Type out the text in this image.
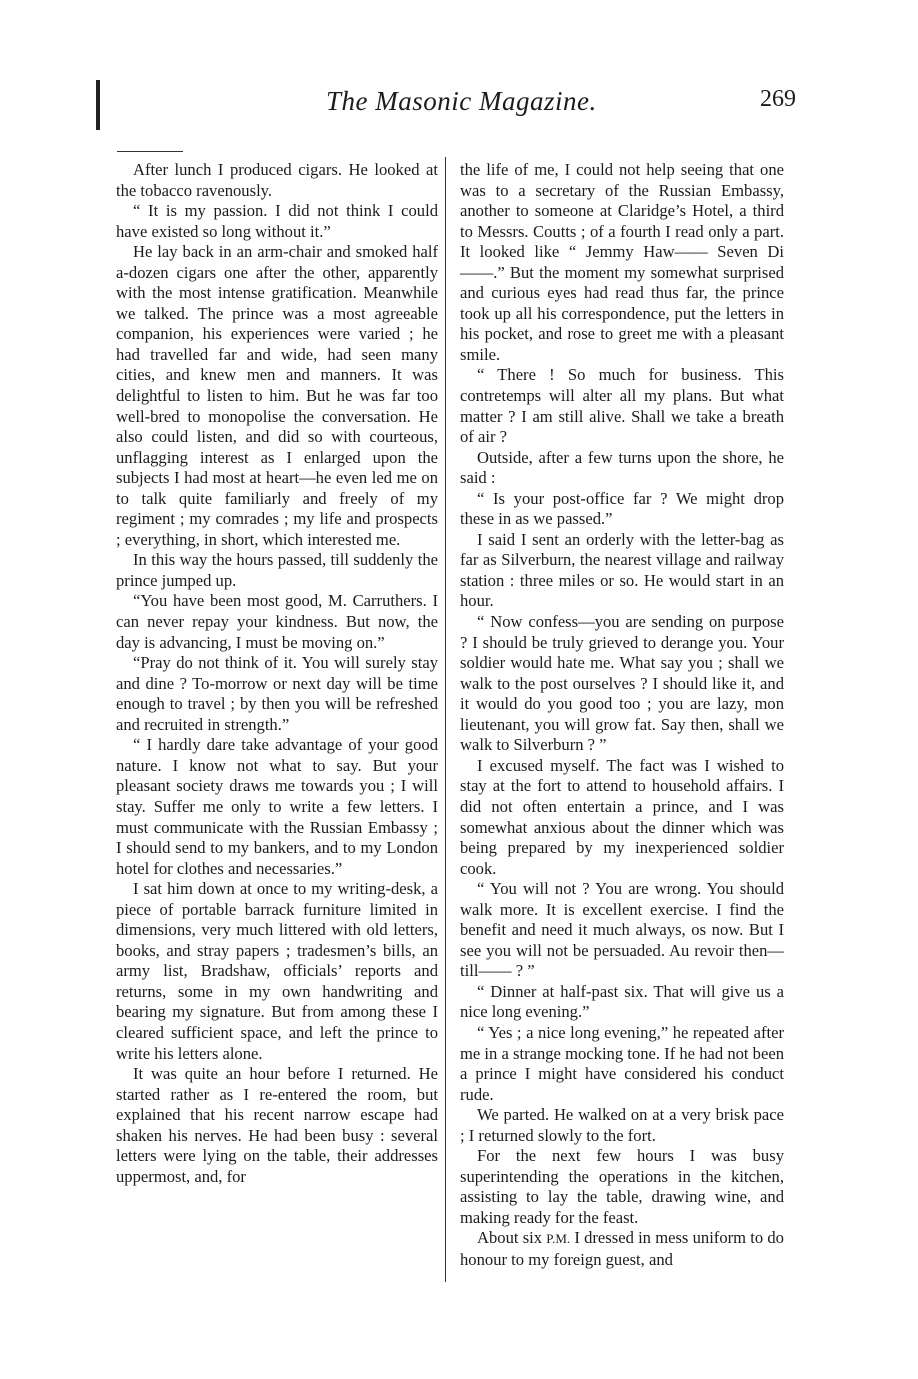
The Masonic Magazine.	269

After lunch I produced cigars. He looked at the tobacco ravenously.

“ It is my passion. I did not think I could have existed so long without it.”

He lay back in an arm-chair and smoked half a-dozen cigars one after the other, apparently with the most intense gratification. Meanwhile we talked. The prince was a most agreeable companion, his experiences were varied ; he had travelled far and wide, had seen many cities, and knew men and manners. It was delightful to listen to him. But he was far too well-bred to monopolise the conversation. He also could listen, and did so with courteous, unflagging interest as I enlarged upon the subjects I had most at heart—he even led me on to talk quite familiarly and freely of my regiment ; my comrades ; my life and prospects ; everything, in short, which interested me.

In this way the hours passed, till suddenly the prince jumped up.

“You have been most good, M. Carruthers. I can never repay your kindness. But now, the day is advancing, I must be moving on.”

“Pray do not think of it. You will surely stay and dine ? To-morrow or next day will be time enough to travel ; by then you will be refreshed and recruited in strength.”

“ I hardly dare take advantage of your good nature. I know not what to say. But your pleasant society draws me towards you ; I will stay. Suffer me only to write a few letters. I must communicate with the Russian Embassy ; I should send to my bankers, and to my London hotel for clothes and necessaries.”

I sat him down at once to my writing-desk, a piece of portable barrack furniture limited in dimensions, very much littered with old letters, books, and stray papers ; tradesmen’s bills, an army list, Bradshaw, officials’ reports and returns, some in my own handwriting and bearing my signature. But from among these I cleared sufficient space, and left the prince to write his letters alone.

It was quite an hour before I returned. He started rather as I re-entered the room, but explained that his recent narrow escape had shaken his nerves. He had been busy : several letters were lying on the table, their addresses uppermost, and, for

the life of me, I could not help seeing that one was to a secretary of the Russian Embassy, another to someone at Claridge’s Hotel, a third to Messrs. Coutts ; of a fourth I read only a part. It looked like “ Jemmy Haw—— Seven Di——.” But the moment my somewhat surprised and curious eyes had read thus far, the prince took up all his correspondence, put the letters in his pocket, and rose to greet me with a pleasant smile.

“ There ! So much for business. This contretemps will alter all my plans. But what matter ? I am still alive. Shall we take a breath of air ?

Outside, after a few turns upon the shore, he said :

“ Is your post-office far ? We might drop these in as we passed.”

I said I sent an orderly with the letter-bag as far as Silverburn, the nearest village and railway station : three miles or so. He would start in an hour.

“ Now confess—you are sending on purpose ? I should be truly grieved to derange you. Your soldier would hate me. What say you ; shall we walk to the post ourselves ? I should like it, and it would do you good too ; you are lazy, mon lieutenant, you will grow fat. Say then, shall we walk to Silverburn ? ”

I excused myself. The fact was I wished to stay at the fort to attend to household affairs. I did not often entertain a prince, and I was somewhat anxious about the dinner which was being prepared by my inexperienced soldier cook.

“ You will not ? You are wrong. You should walk more. It is excellent exercise. I find the benefit and need it much always, os now. But I see you will not be persuaded. Au revoir then—till—— ? ”

“ Dinner at half-past six. That will give us a nice long evening.”

“ Yes ; a nice long evening,” he repeated after me in a strange mocking tone. If he had not been a prince I might have considered his conduct rude.

We parted. He walked on at a very brisk pace ; I returned slowly to the fort.

For the next few hours I was busy superintending the operations in the kitchen, assisting to lay the table, drawing wine, and making ready for the feast.

About six P.M. I dressed in mess uniform to do honour to my foreign guest, and
